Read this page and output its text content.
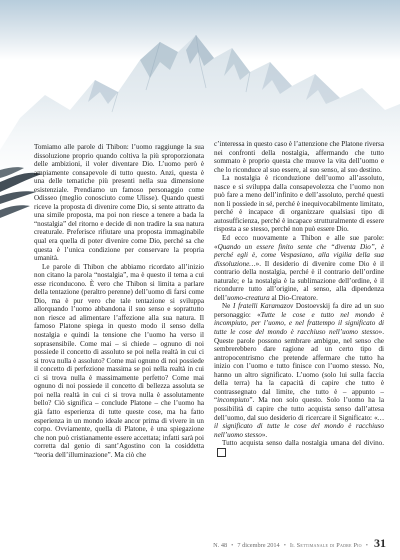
Tomiamo alle parole di Thibon: l’uomo raggiunge la sua dissoluzione proprio quando coltiva la più sproporzionata delle ambizioni, il voler diventare Dio. L’uomo però è ampiamente consapevole di tutto questo. Anzi, questa è una delle tematiche più presenti nella sua dimensione esistenziale. Prendiamo un famoso personaggio come Odisseo (meglio conosciuto come Ulisse). Quando questi riceve la proposta di divenire come Dio, si sente attratto da una simile proposta, ma poi non riesce a tenere a bada la “nostalgia” del ritorno e decide di non tradire la sua natura creaturale. Preferisce rifiutare una proposta immaginabile qual era quella di poter divenire come Dio, perché sa che questa è l’unica condizione per conservare la propria umanità.

Le parole di Thibon che abbiamo ricordato all’inizio non citano la parola “nostalgia”, ma è questo il tema a cui esse riconducono. È vero che Thibon si limita a parlare della tentazione (peraltro perenne) dell’uomo di farsi come Dio, ma è pur vero che tale tentazione si sviluppa allorquando l’uomo abbandona il suo senso e soprattutto non riesce ad alimentare l’affezione alla sua natura. Il famoso Platone spiega in questo modo il senso della nostalgia e quindi la tensione che l’uomo ha verso il soprasensibile. Come mai – si chiede – ognuno di noi possiede il concetto di assoluto se poi nella realtà in cui ci si trova nulla è assoluto? Come mai ognuno di noi possiede il concetto di perfezione massima se poi nella realtà in cui ci si trova nulla è massimamente perfetto? Come mai ognuno di noi possiede il concetto di bellezza assoluta se poi nella realtà in cui ci si trova nulla è assolutamente bello? Ciò significa – conclude Platone – che l’uomo ha già fatto esperienza di tutte queste cose, ma ha fatto esperienza in un mondo ideale ancor prima di vivere in un corpo. Ovviamente, quella di Platone, è una spiegazione che non può cristianamente essere accettata; infatti sarà poi corretta dal genio di sant’Agostino con la cosiddetta “teoria dell’illuminazione”. Ma ciò che

c’interessa in questo caso è l’attenzione che Platone riversa nei confronti della nostalgia, affermando che tutto sommato è proprio questa che muove la vita dell’uomo e che lo riconduce al suo essere, al suo senso, al suo destino.

La nostalgia è riconduzione dell’uomo all’assoluto, nasce e si sviluppa dalla consapevolezza che l’uomo non può fare a meno dell’infinito e dell’assoluto, perché questi non li possiede in sé, perché è inequivocabilmente limitato, perché è incapace di organizzare qualsiasi tipo di autosufficienza, perché è incapace strutturalmente di essere risposta a se stesso, perché non può essere Dio.

Ed ecco nuovamente a Thibon e alle sue parole: «Quando un essere finito sente che “diventa Dio”, è perché egli è, come Vespasiano, alla vigilia della sua dissoluzione…». Il desiderio di divenire come Dio è il contrario della nostalgia, perché è il contrario dell’ordine naturale; e la nostalgia è la sublimazione dell’ordine, è il ricondurre tutto all’origine, al senso, alla dipendenza dell’uomo-creatura al Dio-Creatore.

Ne I fratelli Karamazov Dostoevskij fa dire ad un suo personaggio: «Tutte le cose e tutto nel mondo è incompiuto, per l’uomo, e nel frattempo il significato di tutte le cose del mondo è racchiuso nell’uomo stesso». Queste parole possono sembrare ambigue, nel senso che sembrerebbero dare ragione ad un certo tipo di antropocentrismo che pretende affermare che tutto ha inizio con l’uomo e tutto finisce con l’uomo stesso. No, hanno un altro significato. L’uomo (solo lui sulla faccia della terra) ha la capacità di capire che tutto è contrassegnato dal limite, che tutto è – appunto – “incompiuto”. Ma non solo questo. Solo l’uomo ha la possibilità di capire che tutto acquista senso dall’attesa dell’uomo, dal suo desiderio di ricercare il Significato: «…il significato di tutte le cose del mondo è racchiuso nell’uomo stesso».

Tutto acquista senso dalla nostalgia umana del divino.

N. 48 • 7 dicembre 2014 • Il Settimanale di Padre Pio • 31
